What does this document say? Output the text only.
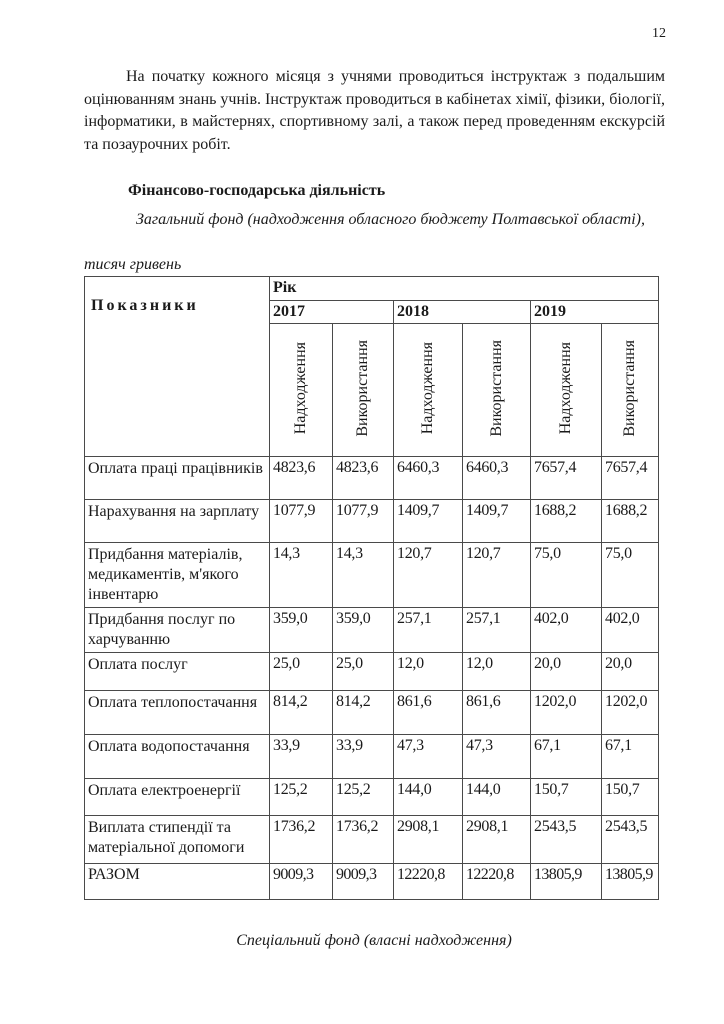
12
На початку кожного місяця з учнями проводиться інструктаж з подальшим оцінюванням знань учнів. Інструктаж проводиться в кабінетах хімії, фізики, біології, інформатики, в майстернях, спортивному залі, а також перед проведенням екскурсій та позаурочних робіт.
Фінансово-господарська діяльність
Загальний фонд (надходження обласного бюджету Полтавської області),
тисяч гривень
Показники	Рік					
	2017		2018		2019	

	Надходження	Використання	Надходження	Використання	Надходження	Використання

Оплата праці працівників	4823,6	4823,6	6460,3	6460,3	7657,4	7657,4
Нарахування на зарплату	1077,9	1077,9	1409,7	1409,7	1688,2	1688,2
Придбання матеріалів, медикаментів, м'якого інвентарю	14,3	14,3	120,7	120,7	75,0	75,0
Придбання послуг по харчуванню	359,0	359,0	257,1	257,1	402,0	402,0
Оплата послуг	25,0	25,0	12,0	12,0	20,0	20,0
Оплата теплопостачання	814,2	814,2	861,6	861,6	1202,0	1202,0
Оплата водопостачання	33,9	33,9	47,3	47,3	67,1	67,1
Оплата електроенергії	125,2	125,2	144,0	144,0	150,7	150,7
Виплата стипендії та матеріальної допомоги	1736,2	1736,2	2908,1	2908,1	2543,5	2543,5
РАЗОМ	9009,3	9009,3	12220,8	12220,8	13805,9	13805,9
Спеціальний фонд (власні надходження)
